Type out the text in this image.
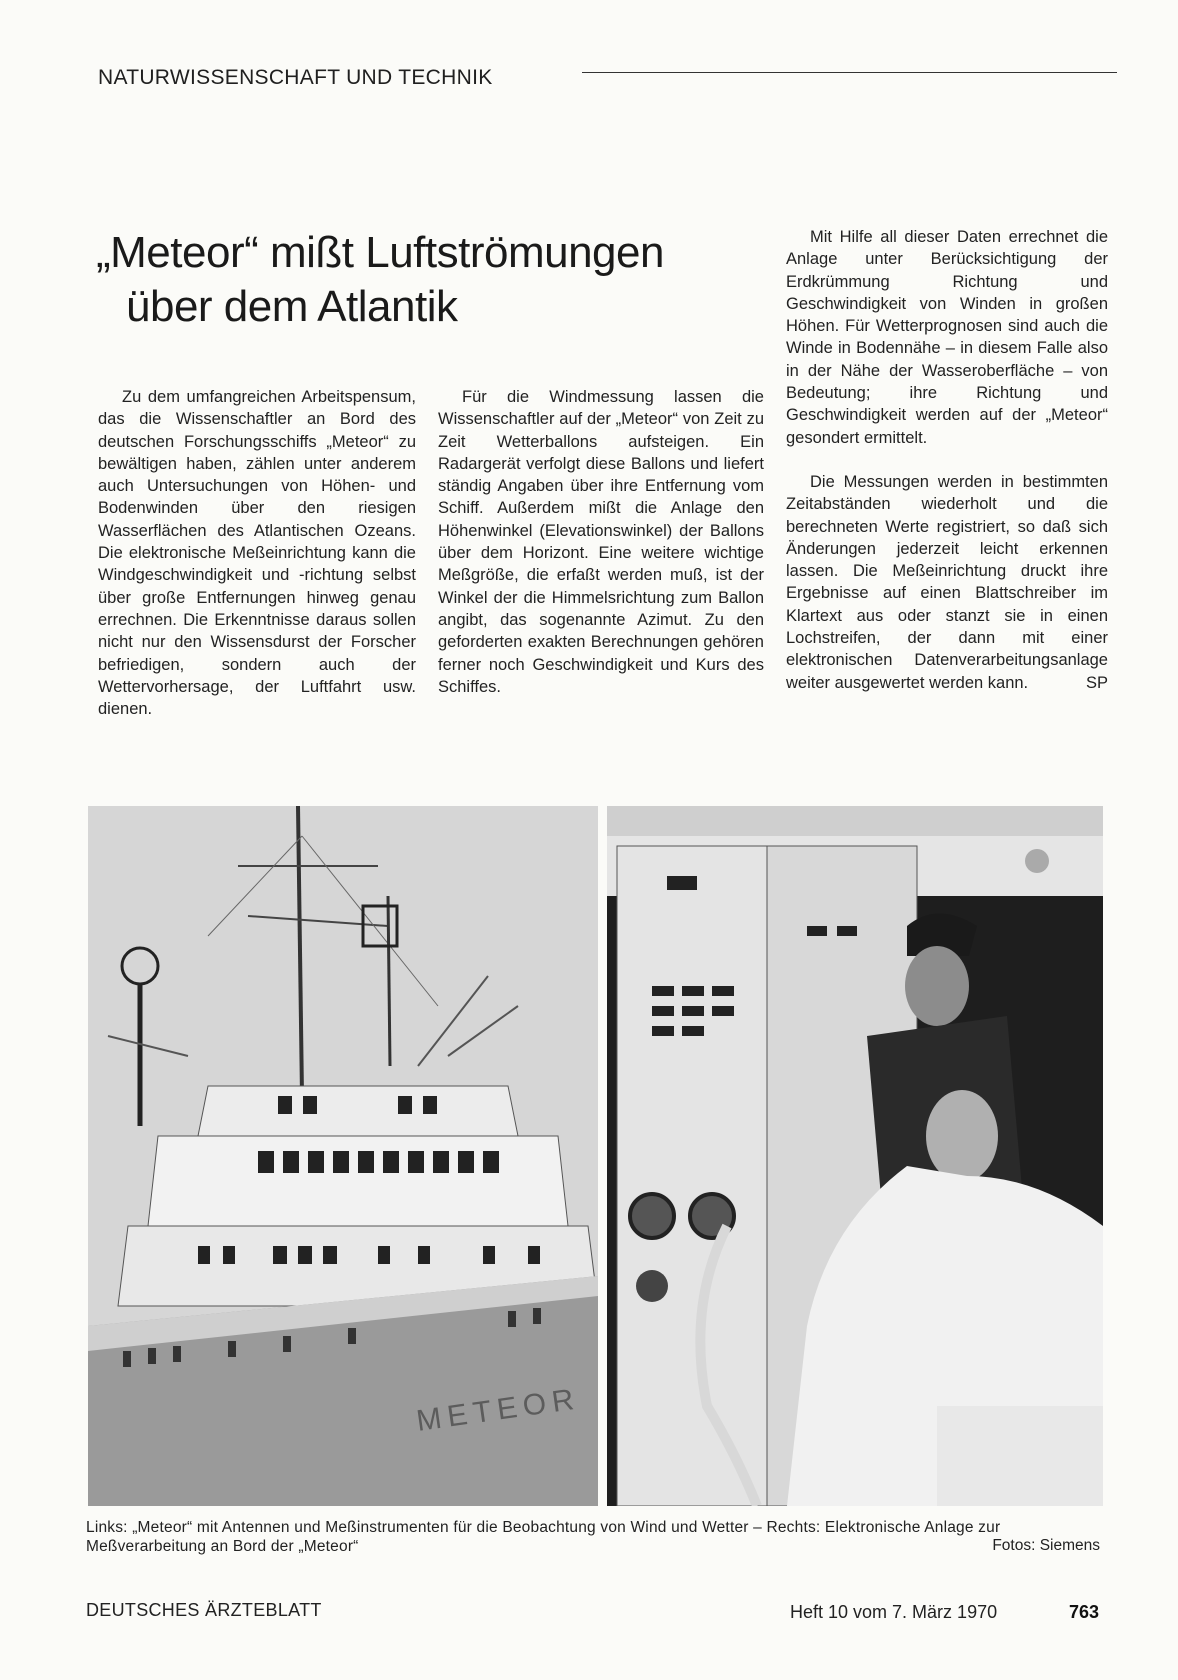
NATURWISSENSCHAFT UND TECHNIK
„Meteor“ mißt Luftströmungen
über dem Atlantik

Zu dem umfangreichen Arbeitspensum, das die Wissenschaftler an Bord des deutschen Forschungsschiffs „Meteor“ zu bewältigen haben, zählen unter anderem auch Untersuchungen von Höhen- und Bodenwinden über den riesigen Wasserflächen des Atlantischen Ozeans. Die elektronische Meßeinrichtung kann die Windgeschwindigkeit und -richtung selbst über große Entfernungen hinweg genau errechnen. Die Erkenntnisse daraus sollen nicht nur den Wissensdurst der Forscher befriedigen, sondern auch der Wettervorhersage, der Luftfahrt usw. dienen.

Für die Windmessung lassen die Wissenschaftler auf der „Meteor“ von Zeit zu Zeit Wetterballons aufsteigen. Ein Radargerät verfolgt diese Ballons und liefert ständig Angaben über ihre Entfernung vom Schiff. Außerdem mißt die Anlage den Höhenwinkel (Elevationswinkel) der Ballons über dem Horizont. Eine weitere wichtige Meßgröße, die erfaßt werden muß, ist der Winkel der die Himmelsrichtung zum Ballon angibt, das sogenannte Azimut. Zu den geforderten exakten Berechnungen gehören ferner noch Geschwindigkeit und Kurs des Schiffes.

Mit Hilfe all dieser Daten errechnet die Anlage unter Berücksichtigung der Erdkrümmung Richtung und Geschwindigkeit von Winden in großen Höhen. Für Wetterprognosen sind auch die Winde in Bodennähe – in diesem Falle also in der Nähe der Wasseroberfläche – von Bedeutung; ihre Richtung und Geschwindigkeit werden auf der „Meteor“ gesondert ermittelt.

Die Messungen werden in bestimmten Zeitabständen wiederholt und die berechneten Werte registriert, so daß sich Änderungen jederzeit leicht erkennen lassen. Die Meßeinrichtung druckt ihre Ergebnisse auf einen Blattschreiber im Klartext aus oder stanzt sie in einen Lochstreifen, der dann mit einer elektronischen Datenverarbeitungsanlage weiter ausgewertet werden kann.	SP

METEOR
Links: „Meteor“ mit Antennen und Meßinstrumenten für die Beobachtung von Wind und Wetter – Rechts: Elektronische Anlage zur Meßverarbeitung an Bord der „Meteor“	Fotos: Siemens
DEUTSCHES ÄRZTEBLATT	Heft 10 vom 7. März 1970	763
